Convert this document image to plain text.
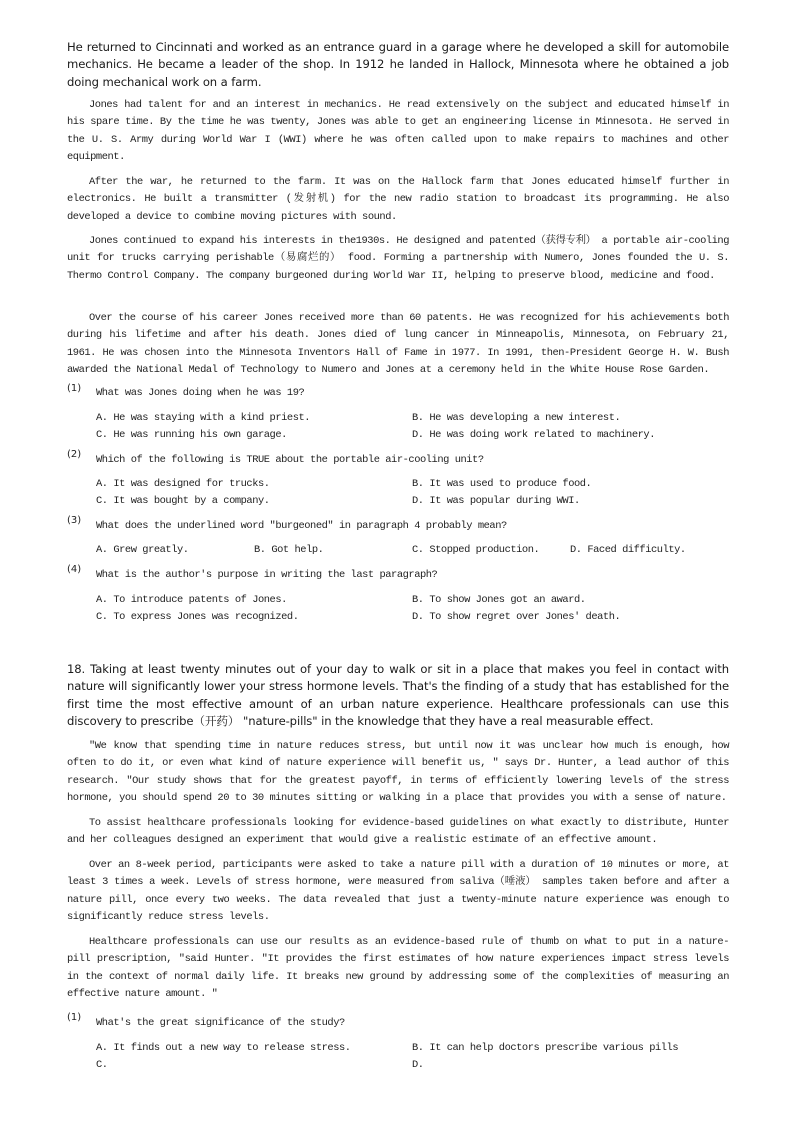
He returned to Cincinnati and worked as an entrance guard in a garage where he developed a skill for automobile mechanics. He became a leader of the shop. In 1912 he landed in Hallock, Minnesota where he obtained a job doing mechanical work on a farm.

Jones had talent for and an interest in mechanics. He read extensively on the subject and educated himself in his spare time. By the time he was twenty, Jones was able to get an engineering license in Minnesota. He served in the U. S. Army during World War I (WWI) where he was often called upon to make repairs to machines and other equipment.

After the war, he returned to the farm. It was on the Hallock farm that Jones educated himself further in electronics. He built a transmitter (发射机) for the new radio station to broadcast its programming. He also developed a device to combine moving pictures with sound.

Jones continued to expand his interests in the1930s. He designed and patented（获得专利） a portable air-cooling unit for trucks carrying perishable（易腐烂的） food. Forming a partnership with Numero, Jones founded the U. S. Thermo Control Company. The company burgeoned during World War II, helping to preserve blood, medicine and food.

Over the course of his career Jones received more than 60 patents. He was recognized for his achievements both during his lifetime and after his death. Jones died of lung cancer in Minneapolis, Minnesota, on February 21, 1961. He was chosen into the Minnesota Inventors Hall of Fame in 1977. In 1991, then-President George H. W. Bush awarded the National Medal of Technology to Numero and Jones at a ceremony held in the White House Rose Garden.

(1) What was Jones doing when he was 19?
A. He was staying with a kind priest.	B. He was developing a new interest.
C. He was running his own garage.	D. He was doing work related to machinery.
(2) Which of the following is TRUE about the portable air-cooling unit?
A. It was designed for trucks.	B. It was used to produce food.
C. It was bought by a company.	D. It was popular during WWI.
(3) What does the underlined word "burgeoned" in paragraph 4 probably mean?
A. Grew greatly.	B. Got help.	C. Stopped production.	D. Faced difficulty.
(4) What is the author's purpose in writing the last paragraph?
A. To introduce patents of Jones.	B. To show Jones got an award.
C. To express Jones was recognized.	D. To show regret over Jones' death.

18. Taking at least twenty minutes out of your day to walk or sit in a place that makes you feel in contact with nature will significantly lower your stress hormone levels. That's the finding of a study that has established for the first time the most effective amount of an urban nature experience. Healthcare professionals can use this discovery to prescribe（开药） "nature-pills" in the knowledge that they have a real measurable effect.

"We know that spending time in nature reduces stress, but until now it was unclear how much is enough, how often to do it, or even what kind of nature experience will benefit us, " says Dr. Hunter, a lead author of this research. "Our study shows that for the greatest payoff, in terms of efficiently lowering levels of the stress hormone, you should spend 20 to 30 minutes sitting or walking in a place that provides you with a sense of nature.

To assist healthcare professionals looking for evidence-based guidelines on what exactly to distribute, Hunter and her colleagues designed an experiment that would give a realistic estimate of an effective amount.

Over an 8-week period, participants were asked to take a nature pill with a duration of 10 minutes or more, at least 3 times a week. Levels of stress hormone, were measured from saliva（唾液） samples taken before and after a nature pill, once every two weeks. The data revealed that just a twenty-minute nature experience was enough to significantly reduce stress levels.

Healthcare professionals can use our results as an evidence-based rule of thumb on what to put in a nature-pill prescription, "said Hunter. "It provides the first estimates of how nature experiences impact stress levels in the context of normal daily life. It breaks new ground by addressing some of the complexities of measuring an effective nature amount. "

(1) What's the great significance of the study?
A. It finds out a new way to release stress.	B. It can help doctors prescribe various pills
C.	D.
